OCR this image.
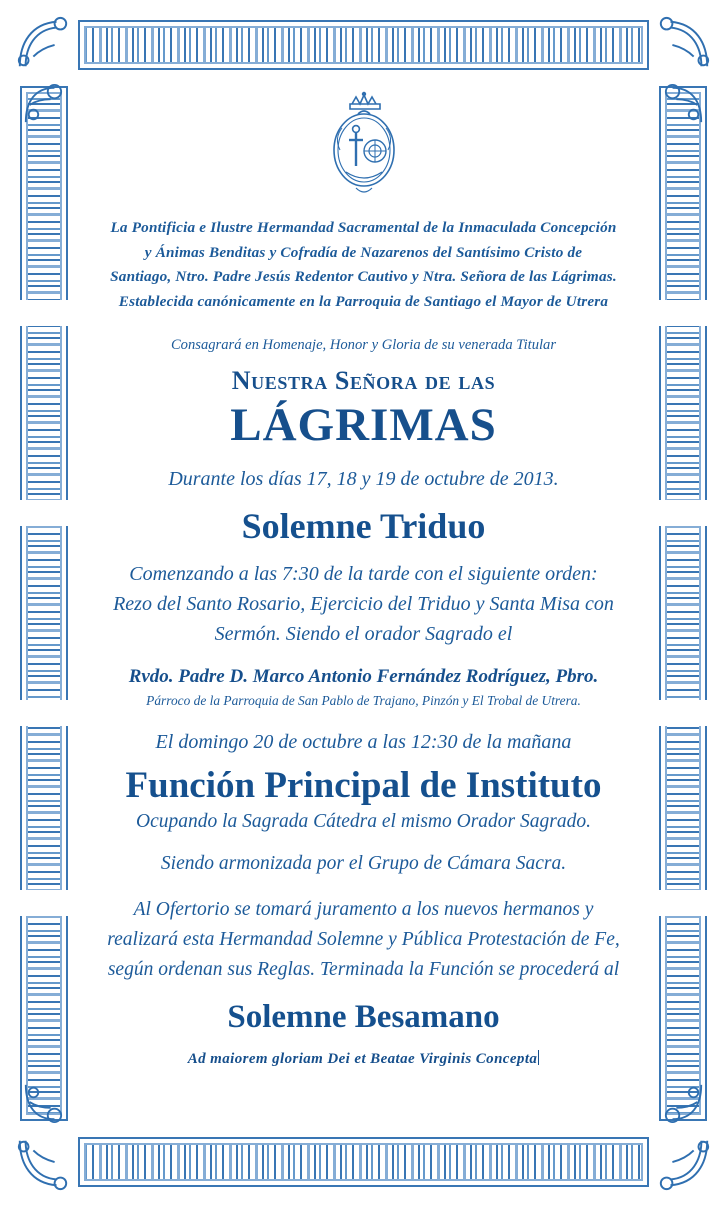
La Pontificia e Ilustre Hermandad Sacramental de la Inmaculada Concepción
y Ánimas Benditas y Cofradía de Nazarenos del Santísimo Cristo de
Santiago, Ntro. Padre Jesús Redentor Cautivo y Ntra. Señora de las Lágrimas.
Establecida canónicamente en la Parroquia de Santiago el Mayor de Utrera
Consagrará en Homenaje, Honor y Gloria de su venerada Titular
Nuestra Señora de las
LÁGRIMAS
Durante los días 17, 18 y 19 de octubre de 2013.
Solemne Triduo
Comenzando a las 7:30 de la tarde con el siguiente orden:
Rezo del Santo Rosario, Ejercicio del Triduo y Santa Misa con
Sermón. Siendo el orador Sagrado el
Rvdo. Padre D. Marco Antonio Fernández Rodríguez, Pbro.
Párroco de la Parroquia de San Pablo de Trajano, Pinzón y El Trobal de Utrera.
El domingo 20 de octubre a las 12:30 de la mañana
Función Principal de Instituto
Ocupando la Sagrada Cátedra el mismo Orador Sagrado.
Siendo armonizada por el Grupo de Cámara Sacra.
Al Ofertorio se tomará juramento a los nuevos hermanos y
realizará esta Hermandad Solemne y Pública Protestación de Fe,
según ordenan sus Reglas. Terminada la Función se procederá al
Solemne Besamano
Ad maiorem gloriam Dei et Beatae Virginis Concepta
